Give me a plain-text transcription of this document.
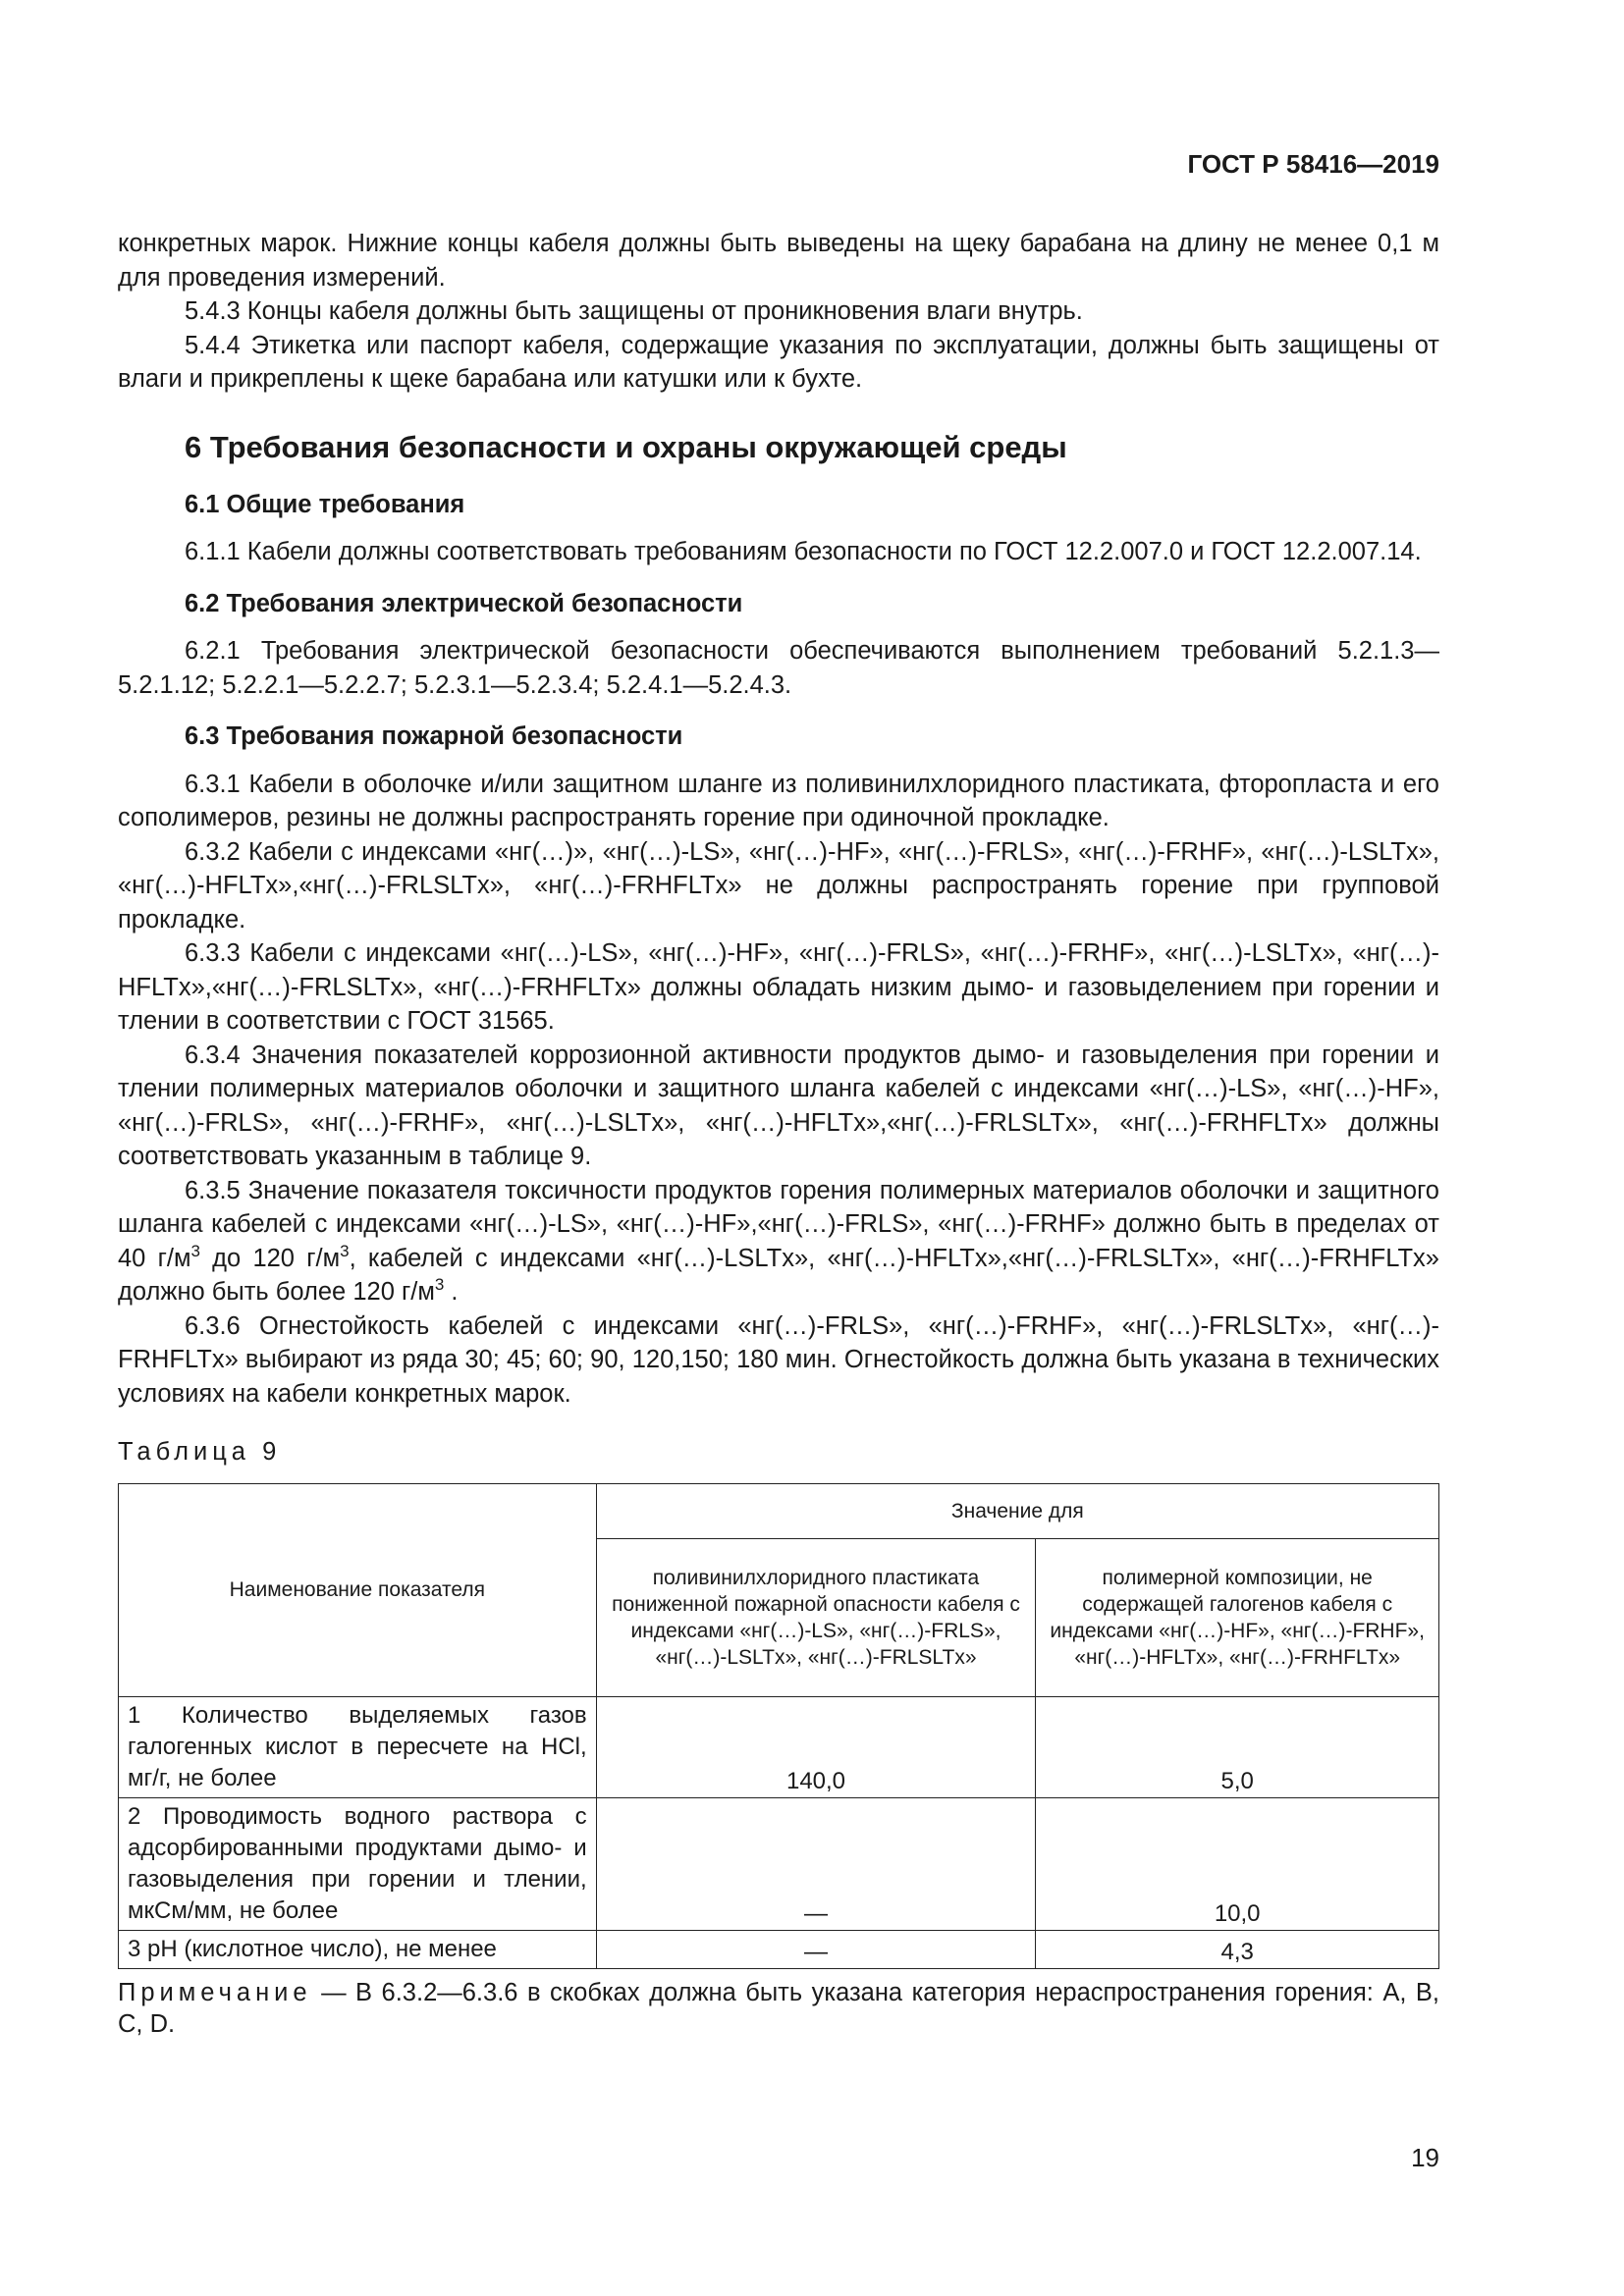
ГОСТ Р 58416—2019

конкретных марок. Нижние концы кабеля должны быть выведены на щеку барабана на длину не менее 0,1 м для проведения измерений.

5.4.3 Концы кабеля должны быть защищены от проникновения влаги внутрь.

5.4.4 Этикетка или паспорт кабеля, содержащие указания по эксплуатации, должны быть защищены от влаги и прикреплены к щеке барабана или катушки или к бухте.

6 Требования безопасности и охраны окружающей среды

6.1 Общие требования

6.1.1 Кабели должны соответствовать требованиям безопасности по ГОСТ 12.2.007.0 и ГОСТ 12.2.007.14.

6.2 Требования электрической безопасности

6.2.1 Требования электрической безопасности обеспечиваются выполнением требований 5.2.1.3—5.2.1.12; 5.2.2.1—5.2.2.7; 5.2.3.1—5.2.3.4; 5.2.4.1—5.2.4.3.

6.3 Требования пожарной безопасности

6.3.1 Кабели в оболочке и/или защитном шланге из поливинилхлоридного пластиката, фторопласта и его сополимеров, резины не должны распространять горение при одиночной прокладке.

6.3.2 Кабели с индексами «нг(…)», «нг(…)-LS», «нг(…)-HF», «нг(…)-FRLS», «нг(…)-FRHF», «нг(…)-LSLTx», «нг(…)-HFLTx»,«нг(…)-FRLSLTx», «нг(…)-FRHFLTx» не должны распространять горение при групповой прокладке.

6.3.3 Кабели с индексами «нг(…)-LS», «нг(…)-HF», «нг(…)-FRLS», «нг(…)-FRHF», «нг(…)-LSLTx», «нг(…)-HFLTx»,«нг(…)-FRLSLTx», «нг(…)-FRHFLTx» должны обладать низким дымо- и газовыделением при горении и тлении в соответствии с ГОСТ 31565.

6.3.4 Значения показателей коррозионной активности продуктов дымо- и газовыделения при горении и тлении полимерных материалов оболочки и защитного шланга кабелей с индексами «нг(…)-LS», «нг(…)-HF», «нг(…)-FRLS», «нг(…)-FRHF», «нг(…)-LSLTx», «нг(…)-HFLTx»,«нг(…)-FRLSLTx», «нг(…)-FRHFLTx» должны соответствовать указанным в таблице 9.

6.3.5 Значение показателя токсичности продуктов горения полимерных материалов оболочки и защитного шланга кабелей с индексами «нг(…)-LS», «нг(…)-HF»,«нг(…)-FRLS», «нг(…)-FRHF» должно быть в пределах от 40 $г/м^3$ до 120 $г/м^3$, кабелей с индексами «нг(…)-LSLTx», «нг(…)-HFLTx»,«нг(…)-FRLSLTx», «нг(…)-FRHFLTx» должно быть более 120 $г/м^3$ .

6.3.6 Огнестойкость кабелей с индексами «нг(…)-FRLS», «нг(…)-FRHF», «нг(…)-FRLSLTx», «нг(…)-FRHFLTx» выбирают из ряда 30; 45; 60; 90, 120,150; 180 мин. Огнестойкость должна быть указана в технических условиях на кабели конкретных марок.

Таблица 9

Наименование показателя	Значение для	
	поливинилхлоридного пластиката пониженной пожарной опасности кабеля с индексами «нг(…)-LS», «нг(…)-FRLS», «нг(…)-LSLTx», «нг(…)-FRLSLTx»	полимерной композиции, не содержащей галогенов кабеля с индексами «нг(…)-HF», «нг(…)-FRHF», «нг(…)-HFLTx», «нг(…)-FRHFLTx»
1 Количество выделяемых газов галогенных кислот в пересчете на HCl, мг/г, не более	140,0	5,0
2 Проводимость водного раствора с адсорбированными продуктами дымо- и газовыделения при горении и тлении, мкСм/мм, не более	—	10,0
3 pH (кислотное число), не менее	—	4,3

Примечание — В 6.3.2—6.3.6 в скобках должна быть указана категория нераспространения горения: A, B, C, D.

19
